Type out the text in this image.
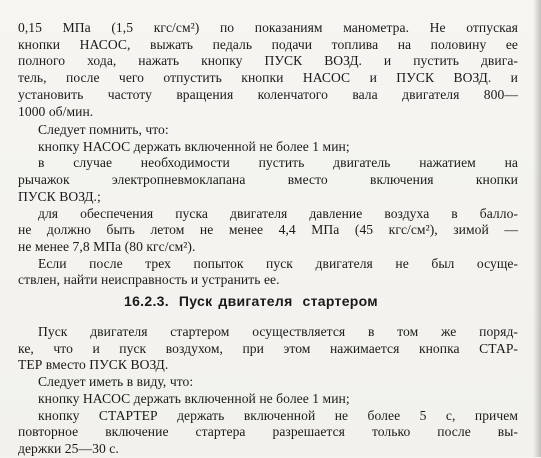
0,15 МПа (1,5 кгс/см²) по показаниям манометра. Не отпуская
кнопки НАСОС, выжать педаль подачи топлива на половину ее
полного хода, нажать кнопку ПУСК ВОЗД. и пустить двига-
тель, после чего отпустить кнопки НАСОС и ПУСК ВОЗД. и
установить частоту вращения коленчатого вала двигателя 800—
1000 об/мин.
Следует помнить, что:
кнопку НАСОС держать включенной не более 1 мин;
в случае необходимости пустить двигатель нажатием на
рычажок электропневмоклапана вместо включения кнопки
ПУСК ВОЗД.;
для обеспечения пуска двигателя давление воздуха в балло-
не должно быть летом не менее 4,4 МПа (45 кгс/см²), зимой —
не менее 7,8 МПа (80 кгс/см²).
Если после трех попыток пуск двигателя не был осуще-
ствлен, найти неисправность и устранить ее.
16.2.3. Пуск двигателя стартером
Пуск двигателя стартером осуществляется в том же поряд-
ке, что и пуск воздухом, при этом нажимается кнопка СТАР-
ТЕР вместо ПУСК ВОЗД.
Следует иметь в виду, что:
кнопку НАСОС держать включенной не более 1 мин;
кнопку СТАРТЕР держать включенной не более 5 с, причем
повторное включение стартера разрешается только после вы-
держки 25—30 с.
